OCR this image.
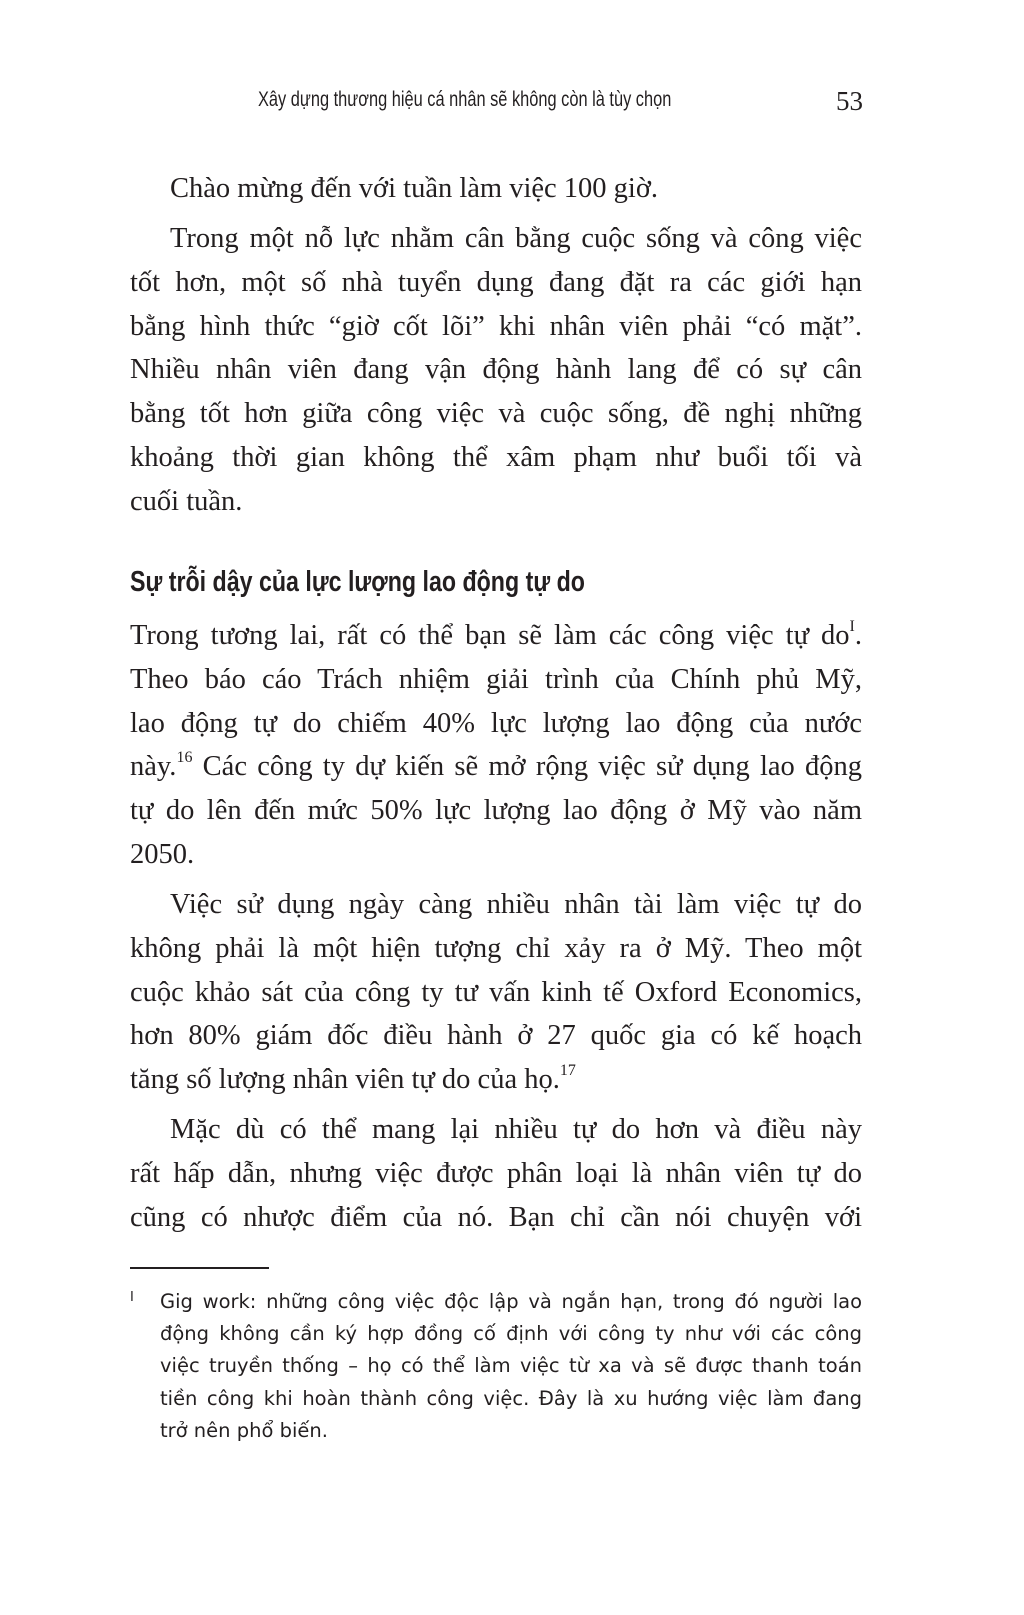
Xây dựng thương hiệu cá nhân sẽ không còn là tùy chọn	53
Chào mừng đến với tuần làm việc 100 giờ.
Trong một nỗ lực nhằm cân bằng cuộc sống và công việc
tốt hơn, một số nhà tuyển dụng đang đặt ra các giới hạn
bằng hình thức “giờ cốt lõi” khi nhân viên phải “có mặt”.
Nhiều nhân viên đang vận động hành lang để có sự cân
bằng tốt hơn giữa công việc và cuộc sống, đề nghị những
khoảng thời gian không thể xâm phạm như buổi tối và
cuối tuần.
Sự trỗi dậy của lực lượng lao động tự do
Trong tương lai, rất có thể bạn sẽ làm các công việc tự $do^I$.
Theo báo cáo Trách nhiệm giải trình của Chính phủ Mỹ,
lao động tự do chiếm 40% lực lượng lao động của nước
này.$^{16}$ Các công ty dự kiến sẽ mở rộng việc sử dụng lao động
tự do lên đến mức 50% lực lượng lao động ở Mỹ vào năm
2050.
Việc sử dụng ngày càng nhiều nhân tài làm việc tự do
không phải là một hiện tượng chỉ xảy ra ở Mỹ. Theo một
cuộc khảo sát của công ty tư vấn kinh tế Oxford Economics,
hơn 80% giám đốc điều hành ở 27 quốc gia có kế hoạch
tăng số lượng nhân viên tự do của họ.$^{17}$
Mặc dù có thể mang lại nhiều tự do hơn và điều này
rất hấp dẫn, nhưng việc được phân loại là nhân viên tự do
cũng có nhược điểm của nó. Bạn chỉ cần nói chuyện với
I Gig work: những công việc độc lập và ngắn hạn, trong đó người lao
động không cần ký hợp đồng cố định với công ty như với các công
việc truyền thống – họ có thể làm việc từ xa và sẽ được thanh toán
tiền công khi hoàn thành công việc. Đây là xu hướng việc làm đang
trở nên phổ biến.
